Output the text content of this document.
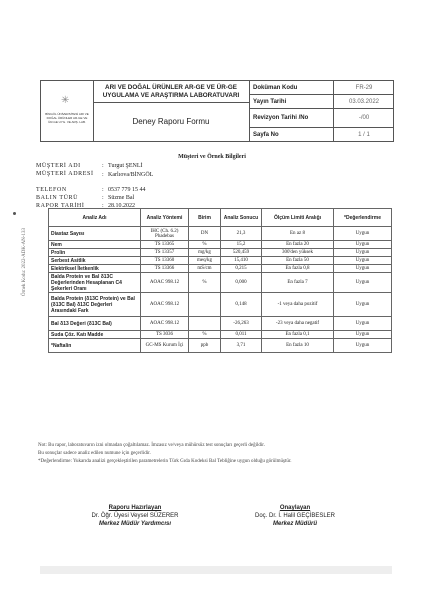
✳
BİNGÖL ÜNİVERSİTESİ ARI VE DOĞAL ÜRÜNLER AR-GE VE ÜR-GE UYG. VE ARŞ. LAB.
ARI VE DOĞAL ÜRÜNLER AR-GE VE ÜR-GE UYGULAMA VE ARAŞTIRMA LABORATUVARI
Deney Raporu Formu
Doküman Kodu	FR-29
Yayın Tarihi	03.03.2022
Revizyon Tarihi /No	-/00
Sayfa No	1 / 1
Müşteri ve Örnek Bilgileri
MÜŞTERİ ADI	: Turgut ŞENLİ
MÜŞTERİ ADRESİ	: Karlıova/BİNGÖL
TELEFON	: 0537 779 15 44
BALIN TÜRÜ	: Süzme Bal
RAPOR TARİHİ	: 28.10.2022
Örnek Kodu: 2022-ADK-AN-133
Analiz Adı	Analiz Yöntemi	Birim	Analiz Sonucu	Ölçüm Limiti Aralığı	*Değerlendirme
Diastaz Sayısı	IHC (Ch. 6.2) Phadebas	DN	21,3	En az 8	Uygun
Nem	TS 13365	%	15,2	En fazla 20	Uygun
Prolin	TS 13357	mg/kg	520,459	300'den yüksek	Uygun
Serbest Asitlik	TS 13360	meq/kg	15,410	En fazla 50	Uygun
Elektriksel İletkenlik	TS 13366	mS/cm	0,215	En fazla 0,8	Uygun
Balda Protein ve Bal δ13C Değerlerinden Hesaplanan C4 Şekerleri Oranı	AOAC 998.12	%	0,000	En fazla 7	Uygun
Balda Protein (δ13C Protein) ve Bal (δ13C Bal) δ13C Değerleri Arasındaki Fark	AOAC 998.12		0,148	-1 veya daha pozitif	Uygun
Bal δ13 Değeri (δ13C Bal)	AOAC 998.12		-26,263	-23 veya daha negatif	Uygun
Suda Çöz. Katı Madde	TS 3036	%	0,011	En fazla 0,1	Uygun
*Naftalin	GC-MS Kurum İçi	ppb	3,71	En fazla 10	Uygun
Not: Bu rapor, laboratuvarın izni olmadan çoğaltılamaz. İmzasız ve/veya mühürsüz test sonuçları geçerli değildir.
Bu sonuçlar sadece analiz edilen numune için geçerlidir.
*Değerlendirme: Yukarıda analizi gerçekleştirilen parametrelerin Türk Gıda Kodeksi Bal Tebliğine uygun olduğu görülmüştür.
Raporu Hazırlayan
Dr. Öğr. Üyesi Veysel SÜZERER
Merkez Müdür Yardımcısı
Onaylayan
Doç. Dr. İ. Halil GEÇİBESLER
Merkez Müdürü
